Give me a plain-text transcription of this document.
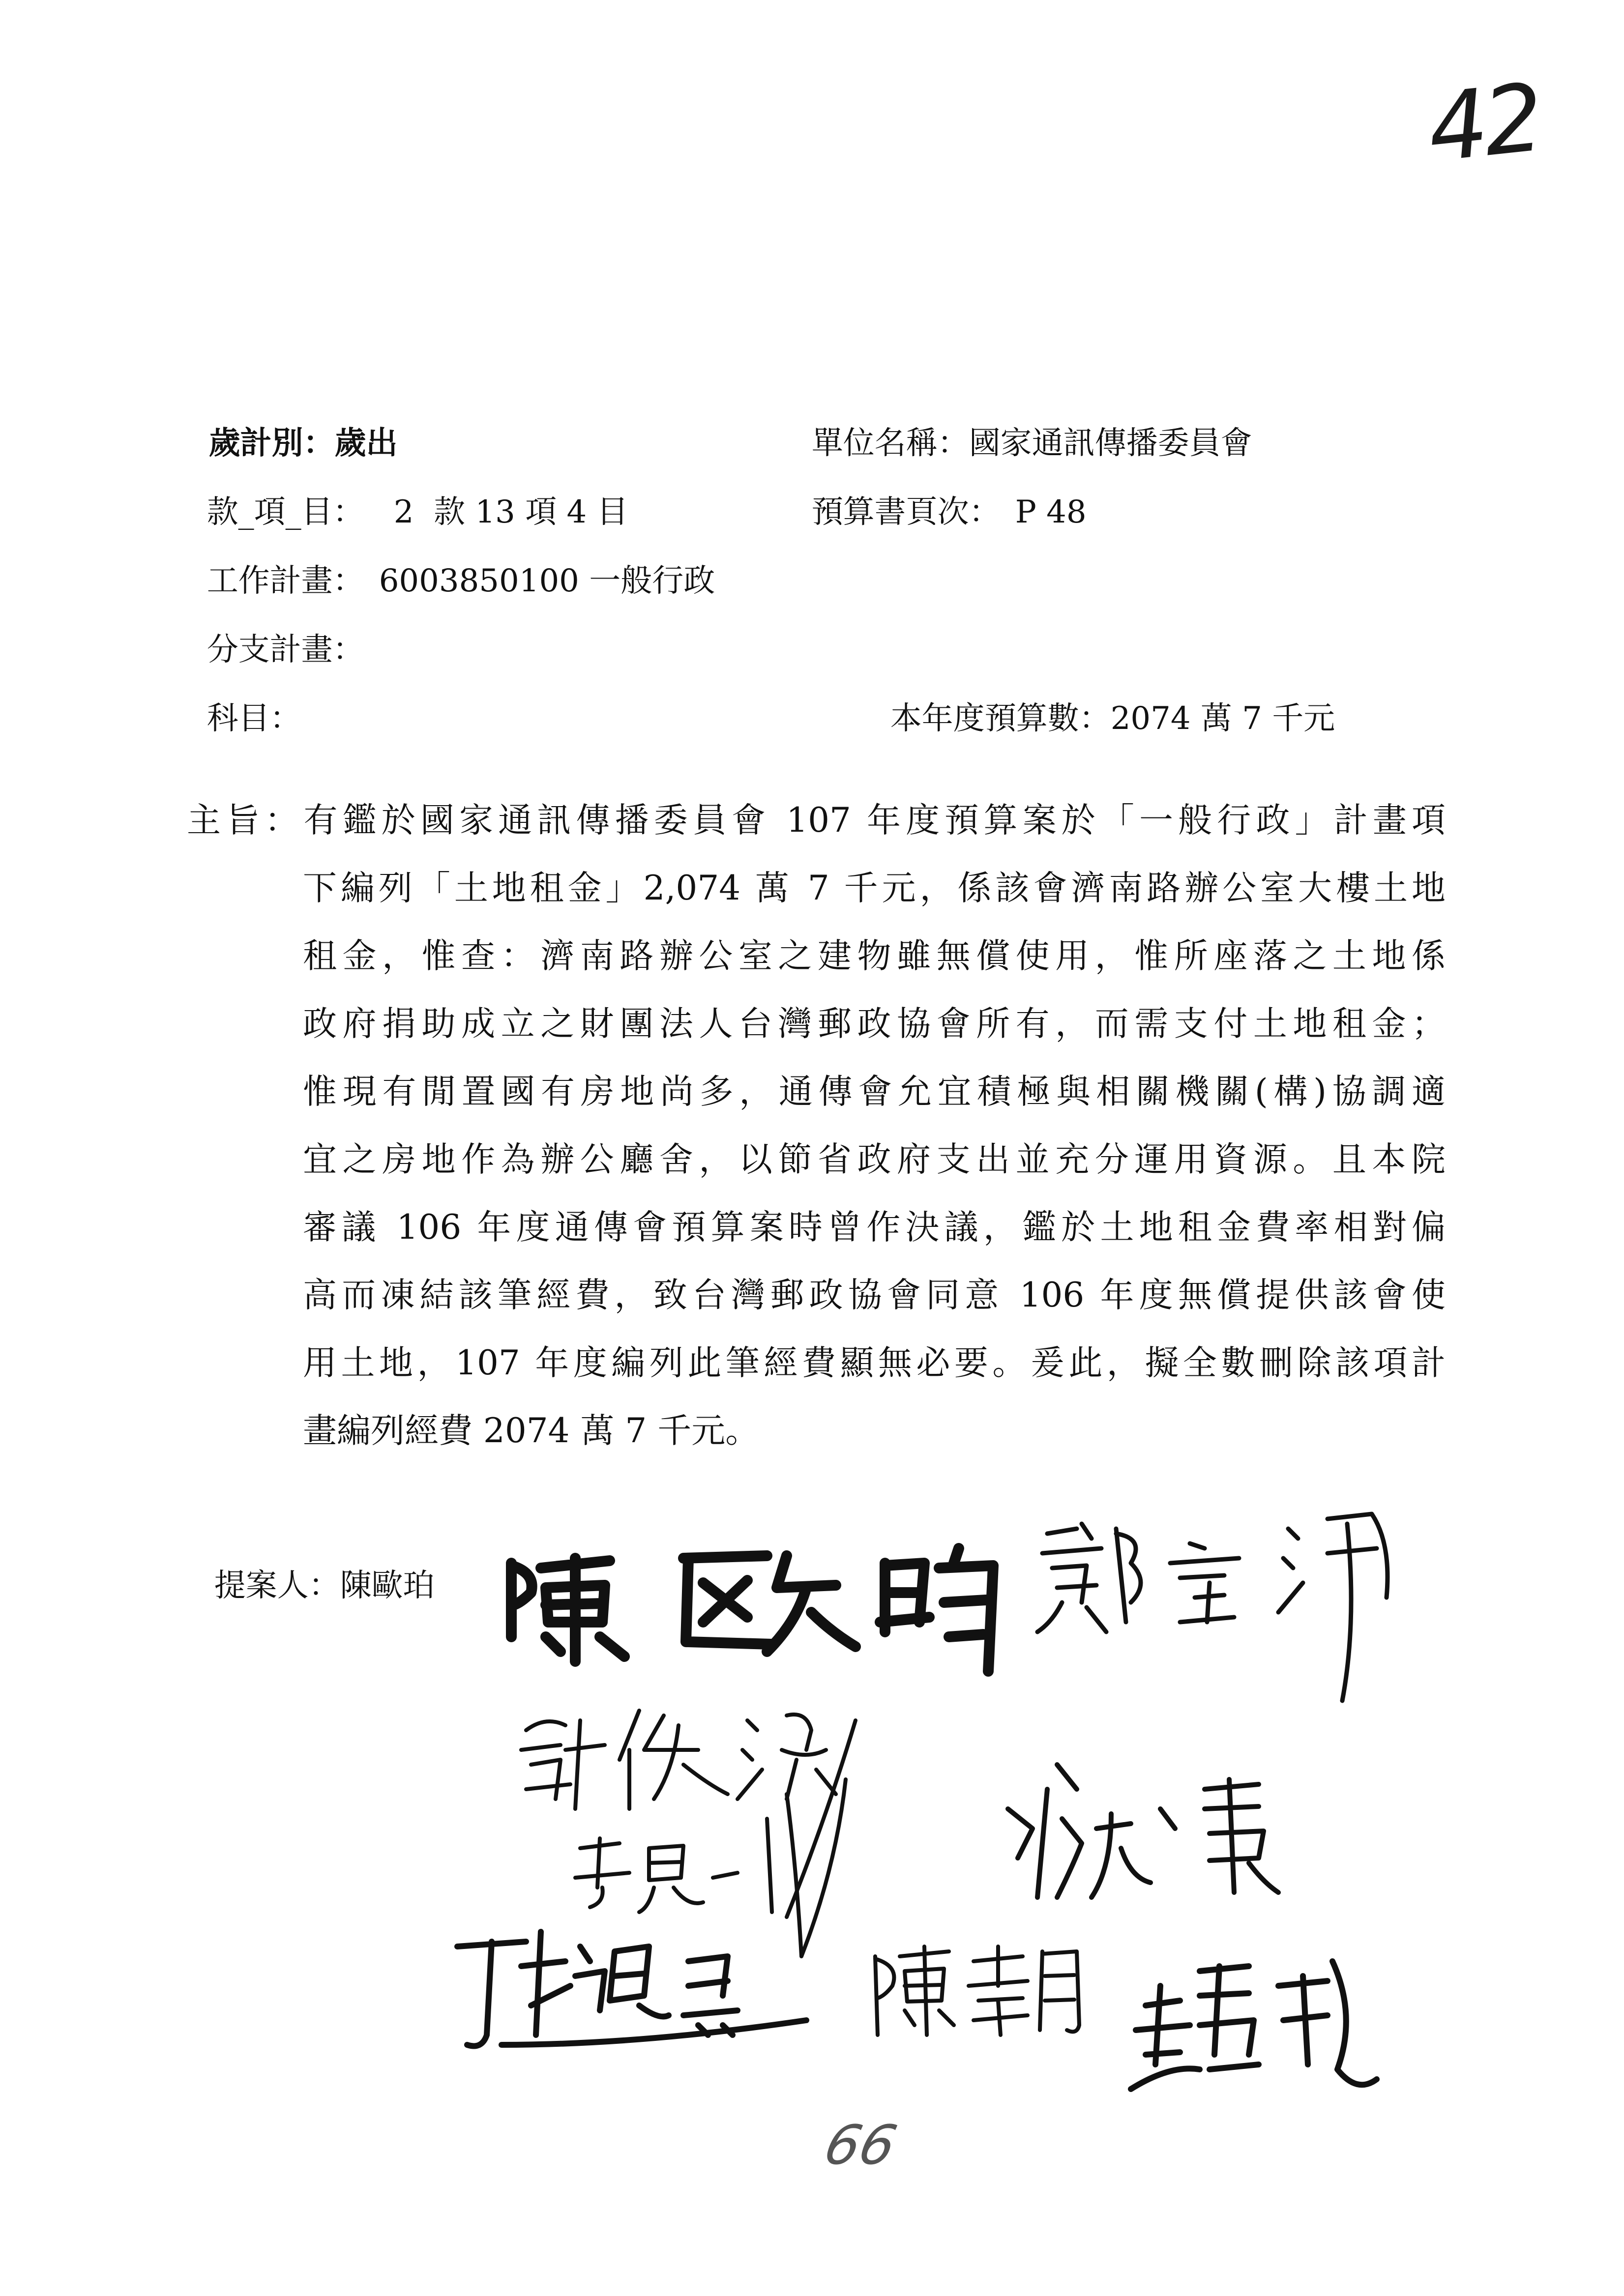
42
66

歲計別：歲出	單位名稱：國家通訊傳播委員會

款_項_目： 2  款 13 項 4 目	預算書頁次： P 48

工作計畫： 6003850100 一般行政

分支計畫：

科目：	本年度預算數：2074 萬 7 千元

主旨：有鑑於國家通訊傳播委員會 107 年度預算案於「一般行政」計畫項
下編列「土地租金」2,074 萬 7 千元，係該會濟南路辦公室大樓土地
租金，惟查：濟南路辦公室之建物雖無償使用，惟所座落之土地係
政府捐助成立之財團法人台灣郵政協會所有，而需支付土地租金；
惟現有閒置國有房地尚多，通傳會允宜積極與相關機關(構)協調適
宜之房地作為辦公廳舍，以節省政府支出並充分運用資源。且本院
審議 106 年度通傳會預算案時曾作決議，鑑於土地租金費率相對偏
高而凍結該筆經費，致台灣郵政協會同意 106 年度無償提供該會使
用土地，107 年度編列此筆經費顯無必要。爰此，擬全數刪除該項計
畫編列經費 2074 萬 7 千元。

提案人：陳歐珀
